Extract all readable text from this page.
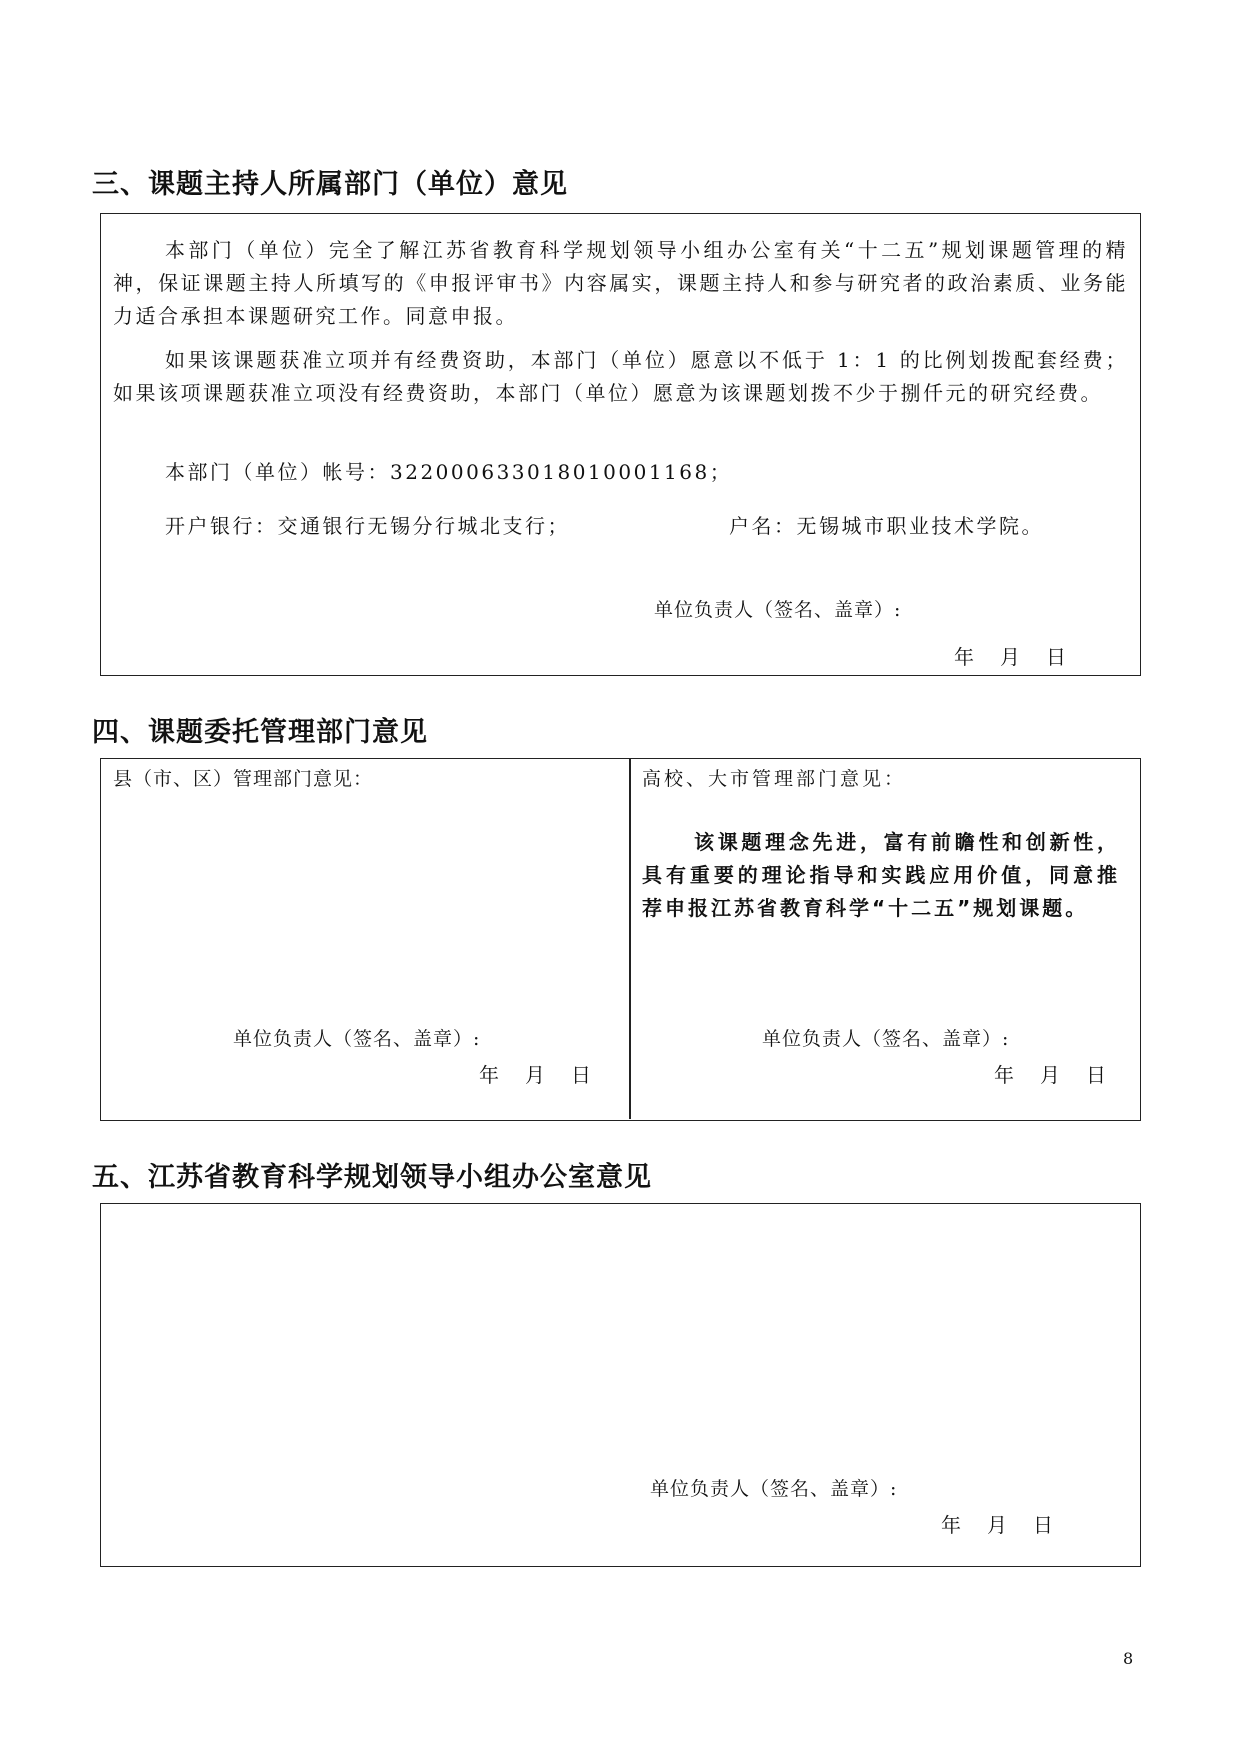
三、课题主持人所属部门（单位）意见

本部门（单位）完全了解江苏省教育科学规划领导小组办公室有关“十二五”规划课题管理的精神，保证课题主持人所填写的《申报评审书》内容属实，课题主持人和参与研究者的政治素质、业务能力适合承担本课题研究工作。同意申报。

如果该课题获准立项并有经费资助，本部门（单位）愿意以不低于 1：1 的比例划拨配套经费；如果该项课题获准立项没有经费资助，本部门（单位）愿意为该课题划拨不少于捌仟元的研究经费。

本部门（单位）帐号：32200063301801000116​8；

开户银行：交通银行无锡分行城北支行；	户名：无锡城市职业技术学院。

单位负责人（签名、盖章）:
年 月 日
四、课题委托管理部门意见
县（市、区）管理部门意见：
单位负责人（签名、盖章）:
年 月 日
高校、大市管理部门意见：

该课题理念先进，富有前瞻性和创新性，具有重要的理论指导和实践应用价值，同意推荐申报江苏省教育科学“十二五”规划课题。

单位负责人（签名、盖章）:
年 月 日
五、江苏省教育科学规划领导小组办公室意见
单位负责人（签名、盖章）:
年 月 日
8
